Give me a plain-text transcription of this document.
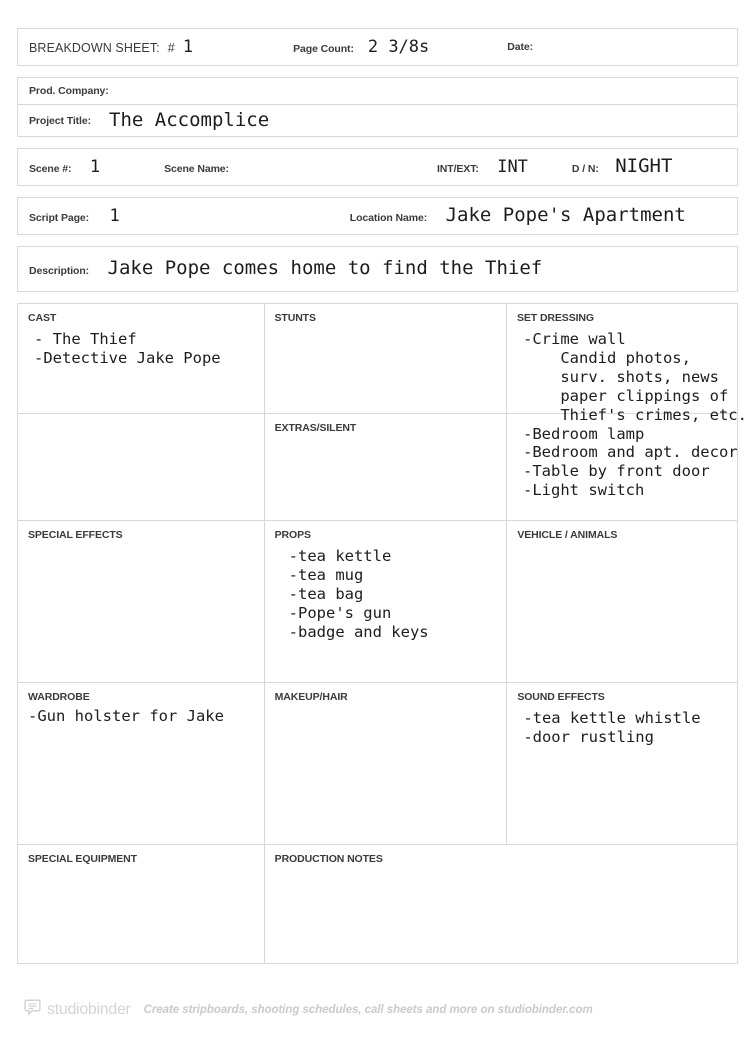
BREAKDOWN SHEET: # 1	Page Count: 2 3/8s	Date:
Prod. Company:
Project Title: The Accomplice
Scene #: 1	Scene Name:	INT/EXT: INT	D / N: NIGHT
Script Page: 1	Location Name: Jake Pope's Apartment
Description: Jake Pope comes home to find the Thief
CAST
- The Thief
-Detective Jake Pope
STUNTS	SET DRESSING
-Crime wall
Candid photos,
surv. shots, news
paper clippings of
Thief's crimes, etc.
-Bedroom lamp
-Bedroom and apt. decor
-Table by front door
-Light switch
EXTRAS/SILENT
SPECIAL EFFECTS	PROPS
-tea kettle
-tea mug
-tea bag
-Pope's gun
-badge and keys
VEHICLE / ANIMALS
WARDROBE
-Gun holster for Jake
MAKEUP/HAIR	SOUND EFFECTS
-tea kettle whistle
-door rustling
SPECIAL EQUIPMENT	PRODUCTION NOTES
studiobinder Create stripboards, shooting schedules, call sheets and more on studiobinder.com
